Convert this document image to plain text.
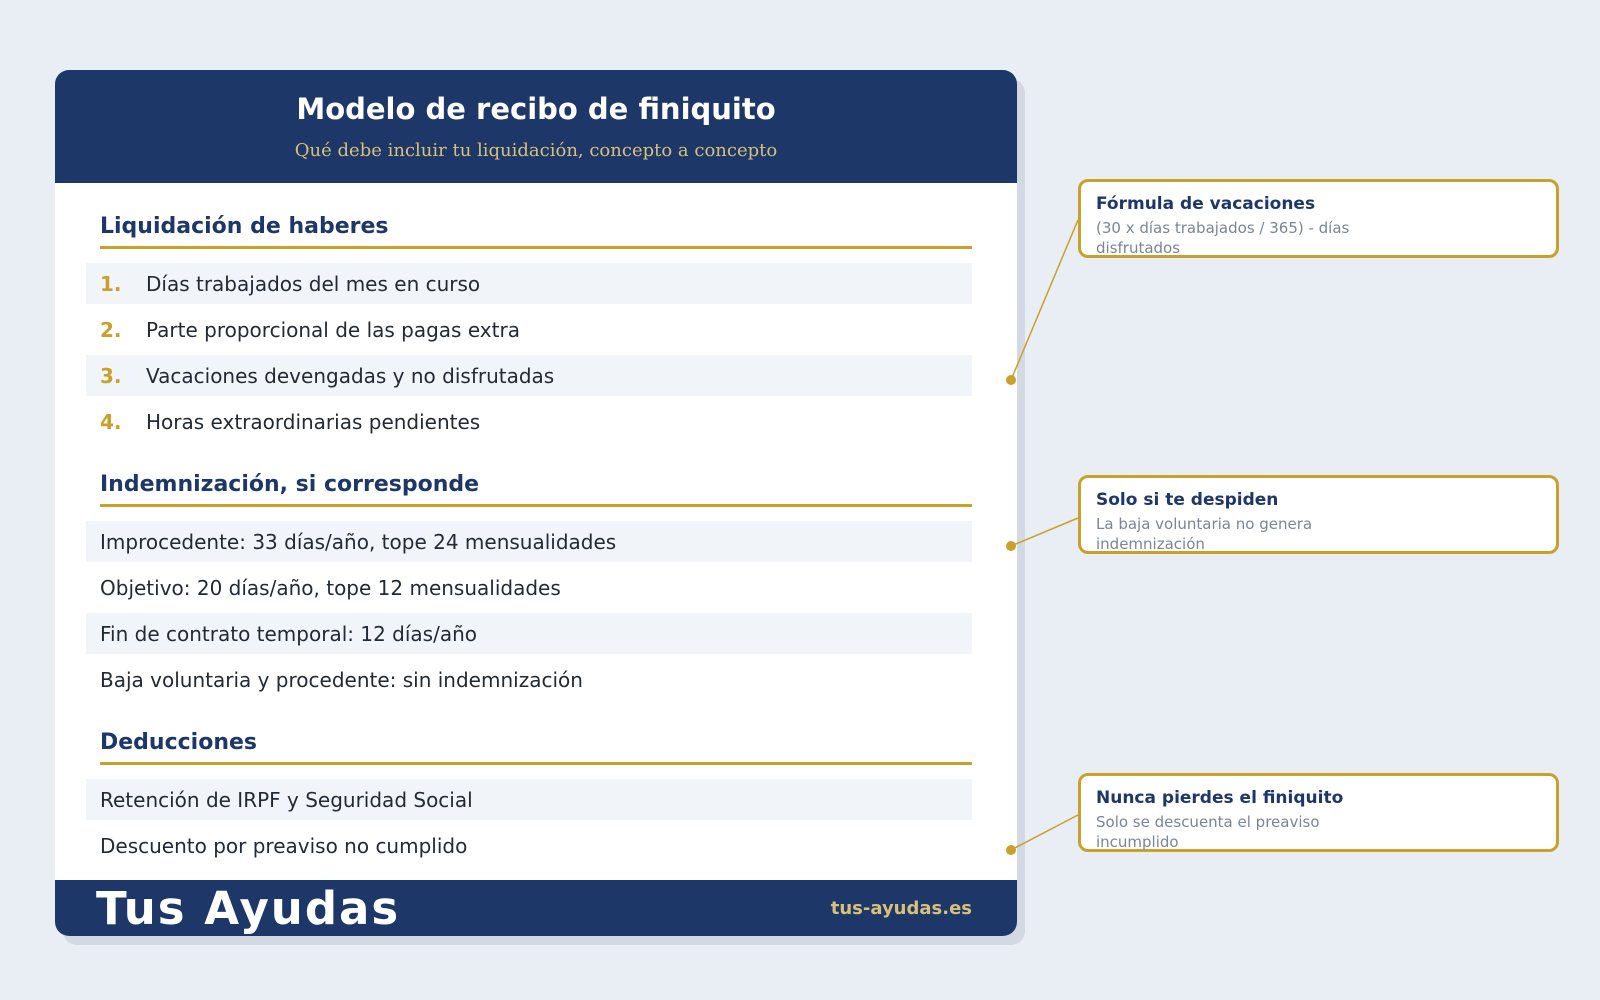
Modelo de recibo de finiquito
Qué debe incluir tu liquidación, concepto a concepto
Liquidación de haberes
1.	Días trabajados del mes en curso
2.	Parte proporcional de las pagas extra
3.	Vacaciones devengadas y no disfrutadas
4.	Horas extraordinarias pendientes
Indemnización, si corresponde
Improcedente: 33 días/año, tope 24 mensualidades
Objetivo: 20 días/año, tope 12 mensualidades
Fin de contrato temporal: 12 días/año
Baja voluntaria y procedente: sin indemnización
Deducciones
Retención de IRPF y Seguridad Social
Descuento por preaviso no cumplido
Tus Ayudas	tus-ayudas.es
Fórmula de vacaciones
(30 x días trabajados / 365) - días disfrutados
Solo si te despiden
La baja voluntaria no genera indemnización
Nunca pierdes el finiquito
Solo se descuenta el preaviso incumplido
